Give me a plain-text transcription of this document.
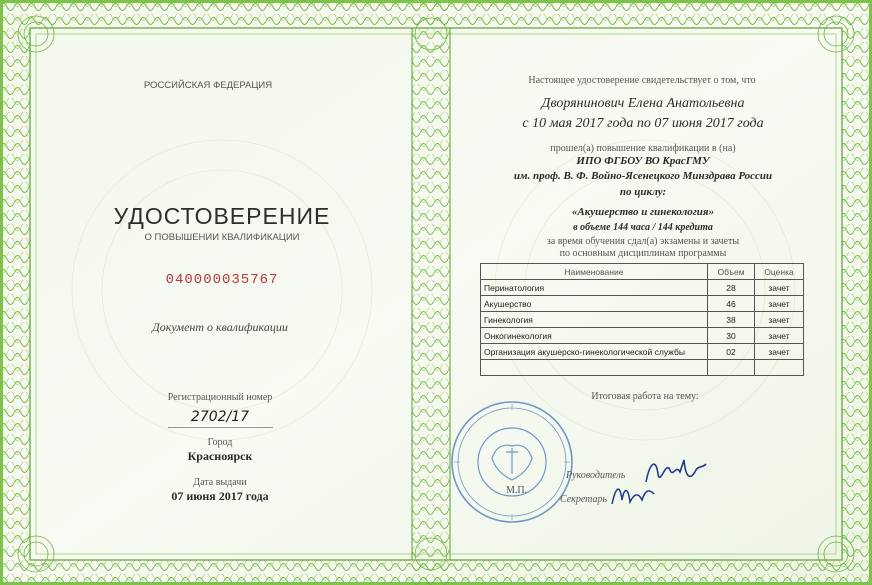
РОССИЙСКАЯ ФЕДЕРАЦИЯ
УДОСТОВЕРЕНИЕ
О ПОВЫШЕНИИ КВАЛИФИКАЦИИ
040000035767
Документ о квалификации
Регистрационный номер
2702/17
Город
Красноярск
Дата выдачи
07 июня 2017 года
Настоящее удостоверение свидетельствует о том, что
Дворянинович Елена Анатольевна
с 10 мая 2017 года по 07 июня 2017 года
прошел(а) повышение квалификации в (на)
ИПО ФГБОУ ВО КрасГМУ
им. проф. В. Ф. Войно-Ясенецкого Минздрава России
по циклу:
«Акушерство и гинекология»
в объеме 144 часа / 144 кредита
за время обучения сдал(а) экзамены и зачеты
по основным дисциплинам программы
Наименование	Объем	Оценка
Перинатология	28	зачет
Акушерство	46	зачет
Гинекология	38	зачет
Онкогинекология	30	зачет
Организация акушерско-гинекологической службы	02	зачет

Итоговая работа на тему:
М.П.
Руководитель
Секретарь
